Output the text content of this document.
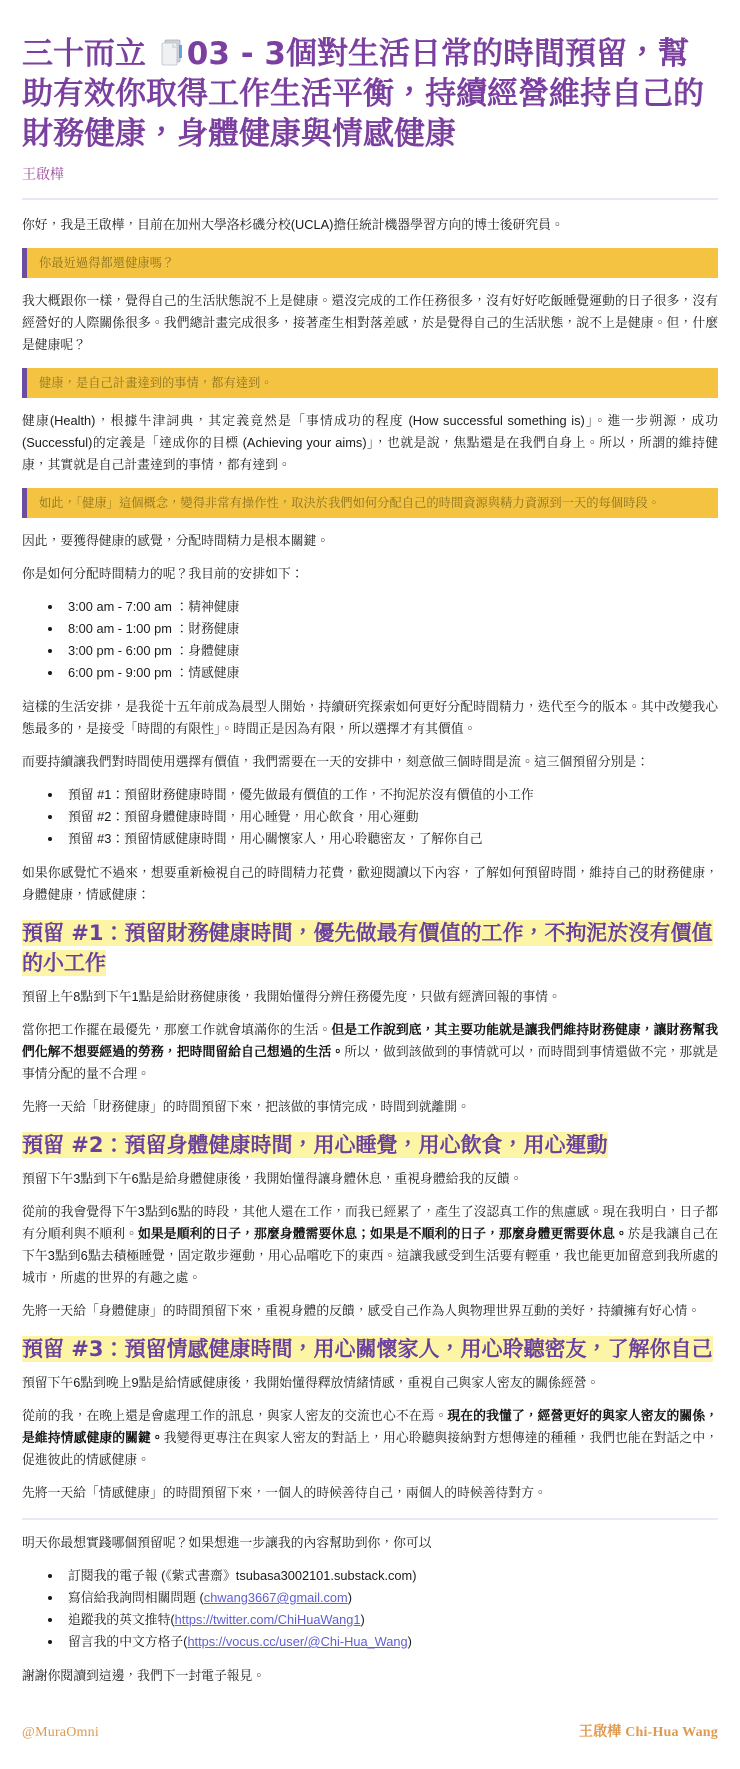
三十而立
03 - 3個對生活日常的時間預留，幫助有效你取得工作生活平衡，持續經營維持自己的財務健康，身體健康與情感健康
王啟樺

你好，我是王啟樺，目前在加州大學洛杉磯分校(UCLA)擔任統計機器學習方向的博士後研究員。

你最近過得都還健康嗎？

我大概跟你一樣，覺得自己的生活狀態說不上是健康。還沒完成的工作任務很多，沒有好好吃飯睡覺運動的日子很多，沒有經營好的人際關係很多。我們總計畫完成很多，接著產生相對落差感，於是覺得自己的生活狀態，說不上是健康。但，什麼是健康呢？

健康，是自己計畫達到的事情，都有達到。

健康(Health)，根據牛津詞典，其定義竟然是「事情成功的程度 (How successful something is)」。進一步朔源，成功(Successful)的定義是「達成你的目標 (Achieving your aims)」，也就是說，焦點還是在我們自身上。所以，所謂的維持健康，其實就是自己計畫達到的事情，都有達到。

如此，「健康」這個概念，變得非常有操作性，取決於我們如何分配自己的時間資源與精力資源到一天的每個時段。

因此，要獲得健康的感覺，分配時間精力是根本關鍵。

你是如何分配時間精力的呢？我目前的安排如下：

3:00 am - 7:00 am ：精神健康
8:00 am - 1:00 pm ：財務健康
3:00 pm - 6:00 pm ：身體健康
6:00 pm - 9:00 pm ：情感健康

這樣的生活安排，是我從十五年前成為晨型人開始，持續研究探索如何更好分配時間精力，迭代至今的版本。其中改變我心態最多的，是接受「時間的有限性」。時間正是因為有限，所以選擇才有其價值。

而要持續讓我們對時間使用選擇有價值，我們需要在一天的安排中，刻意做三個時間是流。這三個預留分別是：

預留 #1：預留財務健康時間，優先做最有價值的工作，不拘泥於沒有價值的小工作
預留 #2：預留身體健康時間，用心睡覺，用心飲食，用心運動
預留 #3：預留情感健康時間，用心關懷家人，用心聆聽密友，了解你自己

如果你感覺忙不過來，想要重新檢視自己的時間精力花費，歡迎閱讀以下內容，了解如何預留時間，維持自己的財務健康，身體健康，情感健康：

預留 #1：預留財務健康時間，優先做最有價值的工作，不拘泥於沒有價值的小工作

預留上午8點到下午1點是給財務健康後，我開始懂得分辨任務優先度，只做有經濟回報的事情。

當你把工作擺在最優先，那麼工作就會填滿你的生活。但是工作說到底，其主要功能就是讓我們維持財務健康，讓財務幫我們化解不想要經過的勞務，把時間留給自己想過的生活。所以，做到該做到的事情就可以，而時間到事情還做不完，那就是事情分配的量不合理。

先將一天給「財務健康」的時間預留下來，把該做的事情完成，時間到就離開。

預留 #2：預留身體健康時間，用心睡覺，用心飲食，用心運動

預留下午3點到下午6點是給身體健康後，我開始懂得讓身體休息，重視身體給我的反饋。

從前的我會覺得下午3點到6點的時段，其他人還在工作，而我已經累了，產生了沒認真工作的焦慮感。現在我明白，日子都有分順利與不順利。如果是順利的日子，那麼身體需要休息；如果是不順利的日子，那麼身體更需要休息。於是我讓自己在下午3點到6點去積極睡覺，固定散步運動，用心品嚐吃下的東西。這讓我感受到生活要有輕重，我也能更加留意到我所處的城市，所處的世界的有趣之處。

先將一天給「身體健康」的時間預留下來，重視身體的反饋，感受自己作為人與物理世界互動的美好，持續擁有好心情。

預留 #3：預留情感健康時間，用心關懷家人，用心聆聽密友，了解你自己

預留下午6點到晚上9點是給情感健康後，我開始懂得釋放情緒情感，重視自己與家人密友的關係經營。

從前的我，在晚上還是會處理工作的訊息，與家人密友的交流也心不在焉。現在的我懂了，經營更好的與家人密友的關係，是維持情感健康的關鍵。我變得更專注在與家人密友的對話上，用心聆聽與接納對方想傳達的種種，我們也能在對話之中，促進彼此的情感健康。

先將一天給「情感健康」的時間預留下來，一個人的時候善待自己，兩個人的時候善待對方。

明天你最想實踐哪個預留呢？如果想進一步讓我的內容幫助到你，你可以

訂閱我的電子報 (《紫式書齋》tsubasa3002101.substack.com)
寫信給我詢問相關問題 (chwang3667@gmail.com)
追蹤我的英文推特(https://twitter.com/ChiHuaWang1)
留言我的中文方格子(https://vocus.cc/user/@Chi-Hua_Wang)

謝謝你閱讀到這邊，我們下一封電子報見。

@MuraOmni	王啟樺 Chi-Hua Wang
